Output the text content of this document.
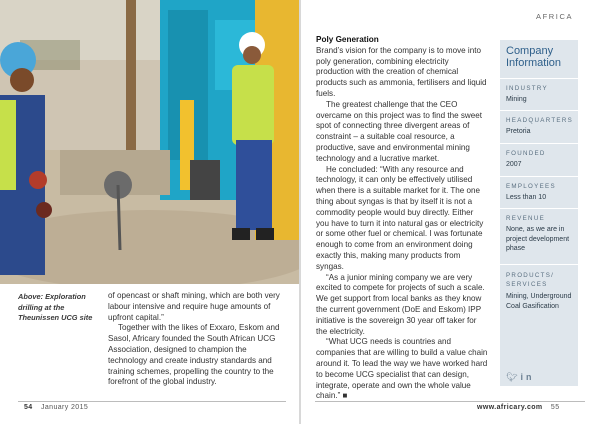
Above: Exploration drilling at the Theunissen UCG site

of opencast or shaft mining, which are both very labour intensive and require huge amounts of upfront capital.”

Together with the likes of Exxaro, Eskom and Sasol, Africary founded the South African UCG Association, designed to champion the technology and create industry standards and training schemes, propelling the country to the forefront of the global industry.

54 January 2015
AFRICA

Poly Generation

Brand’s vision for the company is to move into poly generation, combining electricity production with the creation of chemical products such as ammonia, fertilisers and liquid fuels.

The greatest challenge that the CEO overcame on this project was to find the sweet spot of connecting three divergent areas of constraint – a suitable coal resource, a productive, save and environmental mining technology and a lucrative market.

He concluded: “With any resource and technology, it can only be effectively utilised when there is a suitable market for it. The one thing about syngas is that by itself it is not a commodity people would buy directly. Either you have to turn it into natural gas or electricity or some other fuel or chemical. I was fortunate enough to come from an environment doing exactly this, making many products from syngas.

“As a junior mining company we are very excited to compete for projects of such a scale. We get support from local banks as they know the current government (DoE and Eskom) IPP initiative is the sovereign 30 year off taker for the electricity.

“What UCG needs is countries and companies that are willing to build a value chain around it. To lead the way we have worked hard to become UCG specialist that can design, integrate, operate and own the whole value chain.” ■

Company Information
INDUSTRY
Mining
HEADQUARTERS
Pretoria
FOUNDED
2007
EMPLOYEES
Less than 10
REVENUE
None, as we are in project development phase
PRODUCTS/ SERVICES
Mining, Underground Coal Gasification
🐦︎in
www.africary.com 55
